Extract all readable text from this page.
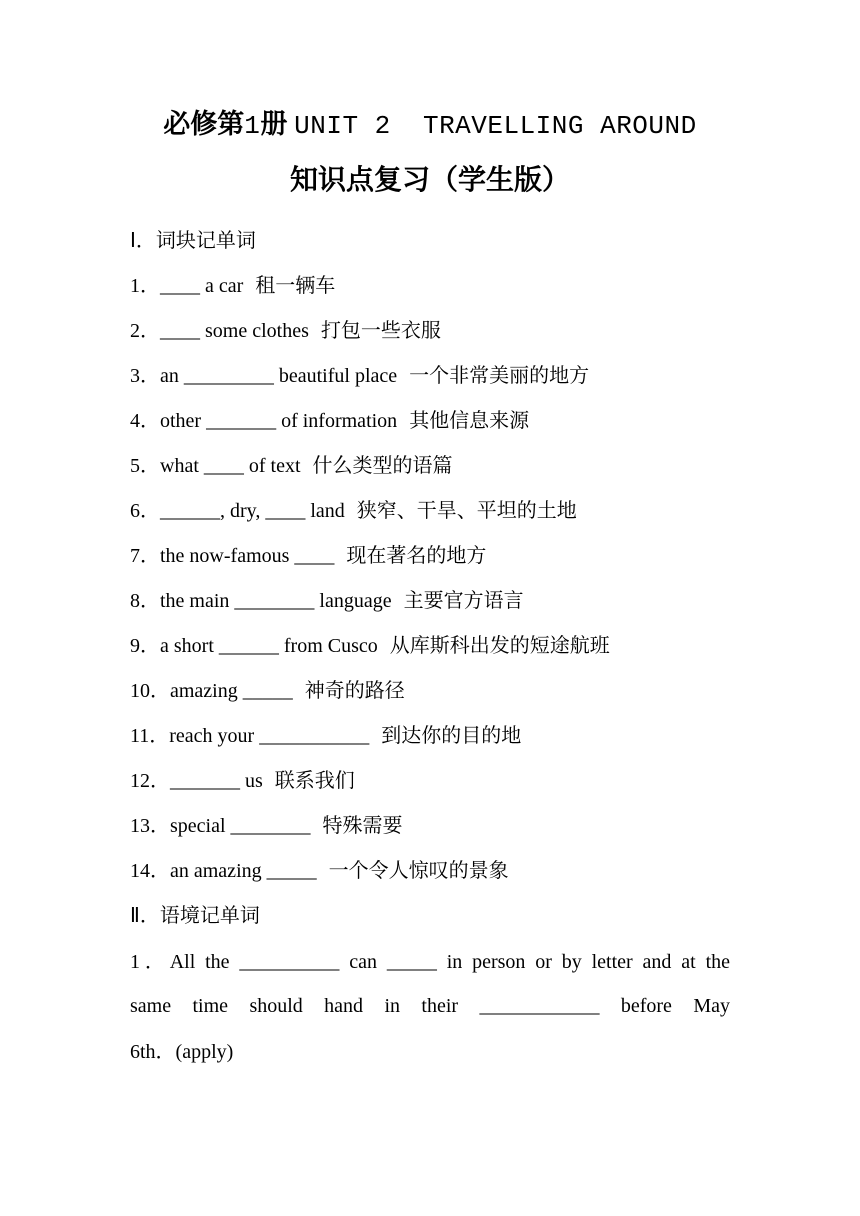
必修第1册 UNIT 2  TRAVELLING AROUND
知识点复习（学生版）
Ⅰ．词块记单词
1．____ a car 租一辆车
2．____ some clothes 打包一些衣服
3．an _________ beautiful place 一个非常美丽的地方
4．other _______ of information 其他信息来源
5．what ____ of text 什么类型的语篇
6．______, dry, ____ land 狭窄、干旱、平坦的土地
7．the now-famous ____ 现在著名的地方
8．the main ________ language 主要官方语言
9．a short ______ from Cusco 从库斯科出发的短途航班
10．amazing _____ 神奇的路径
11．reach your ___________ 到达你的目的地
12．_______ us 联系我们
13．special ________ 特殊需要
14．an amazing _____ 一个令人惊叹的景象
Ⅱ．语境记单词
1．All the __________ can _____ in person or by letter and at the
same time should hand in their ____________ before May
6th．(apply)
